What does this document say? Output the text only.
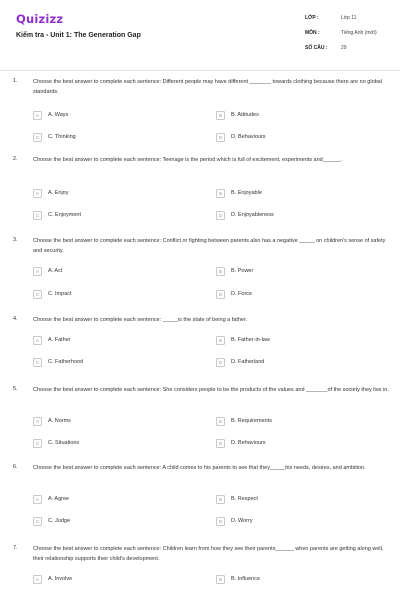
Quizizz
Kiểm tra - Unit 1: The Generation Gap
LỚP :	Lớp 11
MÔN :	Tiếng Anh (mới)
SỐ CÂU :	29
1.	Choose the best answer to complete each sentence: Different people may have different _______ towards clothing because there are no global standards.
A	A. Ways	B	B. Attitudes
C	C. Thinking	D	D. Behaviours
2.	Choose the best answer to complete each sentence: Teenage is the period which is full of excitement, experiments and______.
A	A. Enjoy	B	B. Enjoyable
C	C. Enjoyment	D	D. Enjoyableness
3.	Choose the best answer to complete each sentence: Conflict or fighting between parents also has a negative _____ on children's sense of safety and security.
A	A. Act	B	B. Power
C	C. Impact	D	D. Force
4.	Choose the best answer to complete each sentence: _____is the state of being a father.
A	A. Father	B	B. Father-in-law
C	C. Fatherhood	D	D. Fatherland
5.	Choose the best answer to complete each sentence: She considers people to be the products of the values and _______of the society they live in.
A	A. Norms	B	B. Requirements
C	C. Situations	D	D. Behaviours
6.	Choose the best answer to complete each sentence: A child comes to his parents to see that they_____his needs, desires, and ambition.
A	A. Agree	B	B. Respect
C	C. Judge	D	D. Worry
7.	Choose the best answer to complete each sentence: Children learn from how they see their parents______ when parents are getting along well, their relationship supports their child's development.
A	A. Involve	B	B. Influence
